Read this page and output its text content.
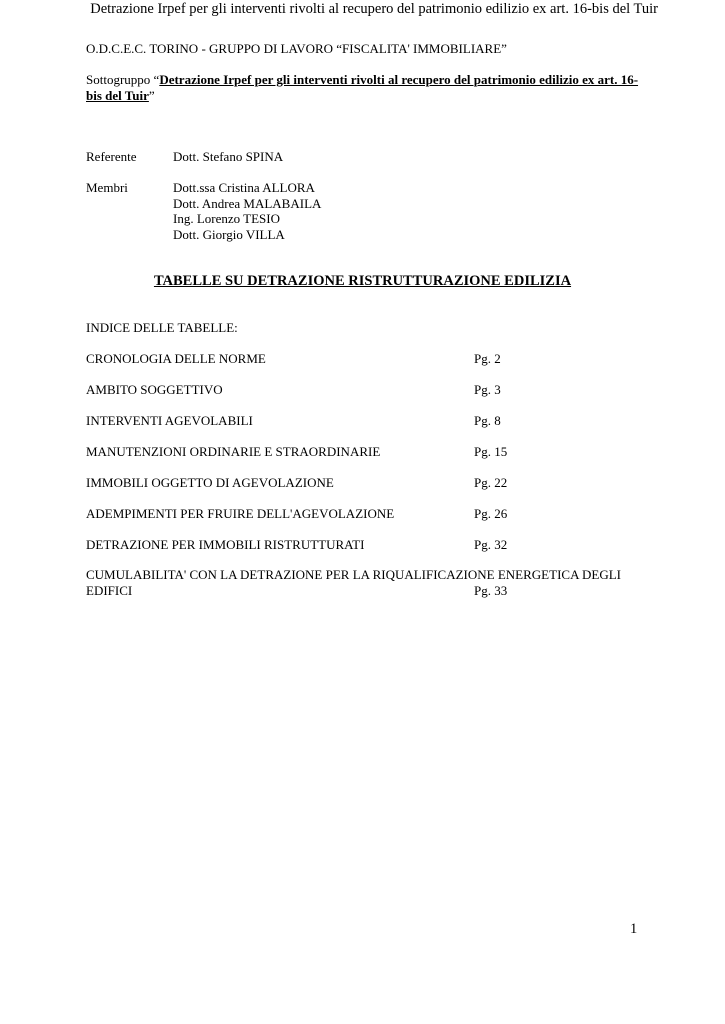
Detrazione Irpef per gli interventi rivolti al recupero del patrimonio edilizio ex art. 16-bis del Tuir
O.D.C.E.C. TORINO - GRUPPO DI LAVORO “FISCALITA' IMMOBILIARE”
Sottogruppo “Detrazione Irpef per gli interventi rivolti al recupero del patrimonio edilizio ex art. 16-bis del Tuir”
Referente	Dott. Stefano SPINA
Membri	Dott.ssa Cristina ALLORA
Dott. Andrea MALABAILA
Ing. Lorenzo TESIO
Dott. Giorgio VILLA
TABELLE SU DETRAZIONE RISTRUTTURAZIONE EDILIZIA
INDICE DELLE TABELLE:
CRONOLOGIA DELLE NORME	Pg. 2
AMBITO SOGGETTIVO	Pg. 3
INTERVENTI AGEVOLABILI	Pg. 8
MANUTENZIONI ORDINARIE E STRAORDINARIE	Pg. 15
IMMOBILI OGGETTO DI AGEVOLAZIONE	Pg. 22
ADEMPIMENTI PER FRUIRE DELL'AGEVOLAZIONE	Pg. 26
DETRAZIONE PER IMMOBILI RISTRUTTURATI	Pg. 32
CUMULABILITA' CON LA DETRAZIONE PER LA RIQUALIFICAZIONE ENERGETICA DEGLI
EDIFICI	Pg. 33
1
